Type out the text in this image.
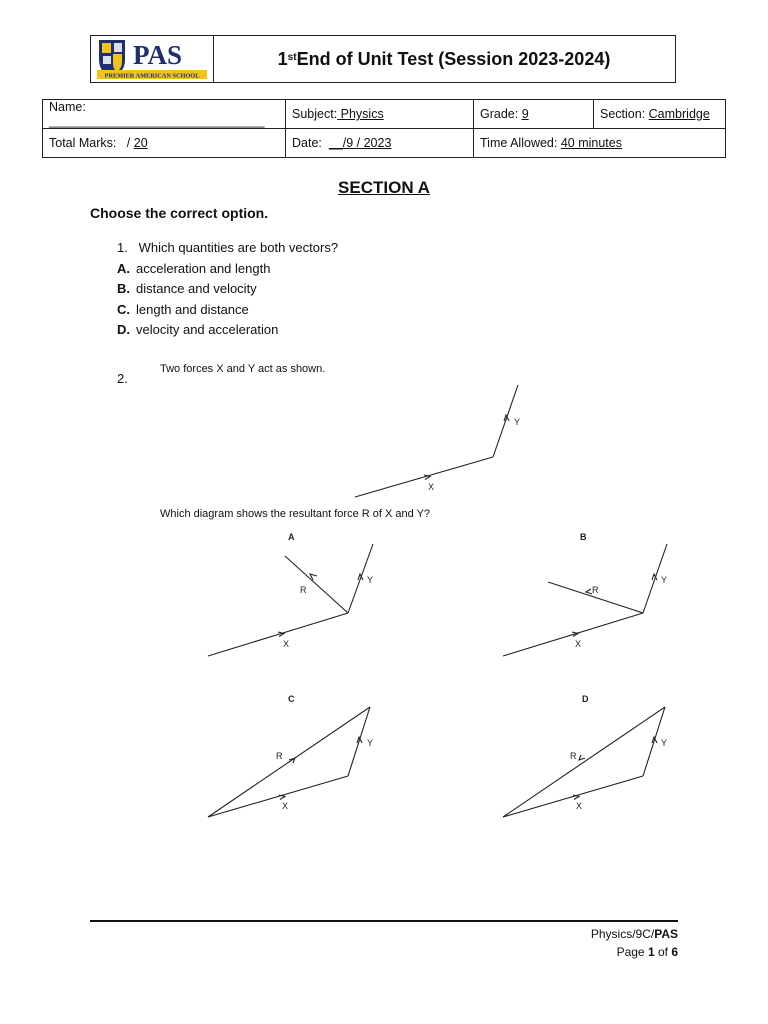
PAS
PREMIER AMERICAN SCHOOL
1st End of Unit Test (Session 2023-2024)
Name: _______________________________	Subject: Physics	Grade: 9	Section: Cambridge
Total Marks:   / 20	Date: __/9 / 2023	Time Allowed: 40 minutes	
SECTION A
Choose the correct option.
1. Which quantities are both vectors?
A. acceleration and length
B. distance and velocity
C. length and distance
D. velocity and acceleration
2.
Two forces X and Y act as shown.
X
Y
A
X
Y
R
B
X
Y
R
C
X
Y
R
D
X
Y
R
Which diagram shows the resultant force R of X and Y?
Physics/9C/PAS
Page 1 of 6
